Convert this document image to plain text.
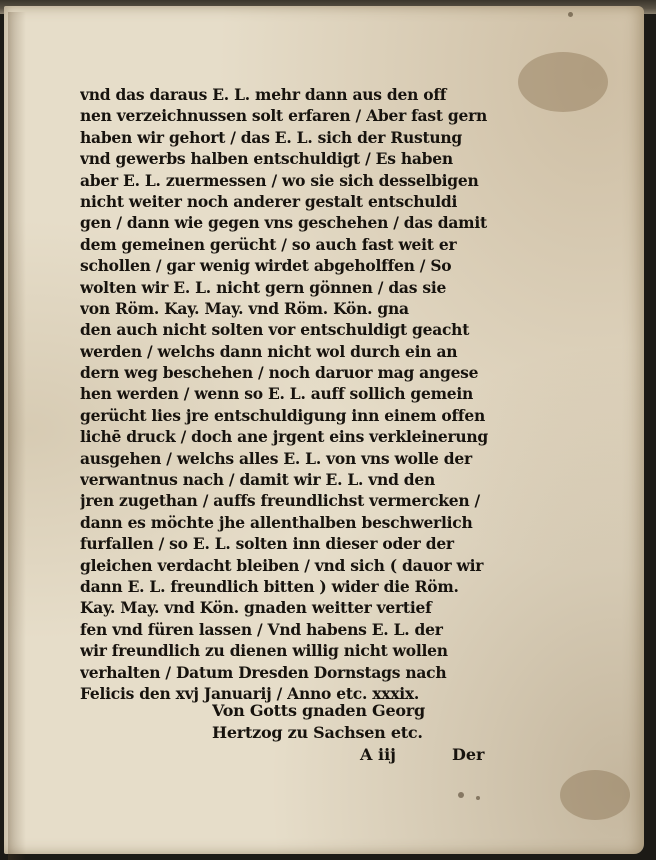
vnd das daraus E. L. mehr dann aus den off
nen verzeichnussen solt erfaren / Aber fast gern
haben wir gehort / das E. L. sich der Rustung
vnd gewerbs halben entschuldigt / Es haben
aber E. L. zuermessen / wo sie sich desselbigen
nicht weiter noch anderer gestalt entschuldi
gen / dann wie gegen vns geschehen / das damit
dem gemeinen gerücht / so auch fast weit er
schollen / gar wenig wirdet abgeholffen / So
wolten wir E. L. nicht gern gönnen / das sie
von Röm. Kay. May. vnd Röm. Kön. gna
den auch nicht solten vor entschuldigt geacht
werden / welchs dann nicht wol durch ein an
dern weg beschehen / noch daruor mag angese
hen werden / wenn so E. L. auff sollich gemein
gerücht lies jre entschuldigung inn einem offen
lichē druck / doch ane jrgent eins verkleinerung
ausgehen / welchs alles E. L. von vns wolle der
verwantnus nach / damit wir E. L. vnd den
jren zugethan / auffs freundlichst vermercken /
dann es möchte jhe allenthalben beschwerlich
furfallen / so E. L. solten inn dieser oder der
gleichen verdacht bleiben / vnd sich ( dauor wir
dann E. L. freundlich bitten ) wider die Röm.
Kay. May. vnd Kön. gnaden weitter vertief
fen vnd füren lassen / Vnd habens E. L. der
wir freundlich zu dienen willig nicht wollen
verhalten / Datum Dresden Dornstags nach
Felicis den xvj Januarij / Anno etc. xxxix.
Von Gotts gnaden Georg
Hertzog zu Sachsen etc.
A iij	Der
